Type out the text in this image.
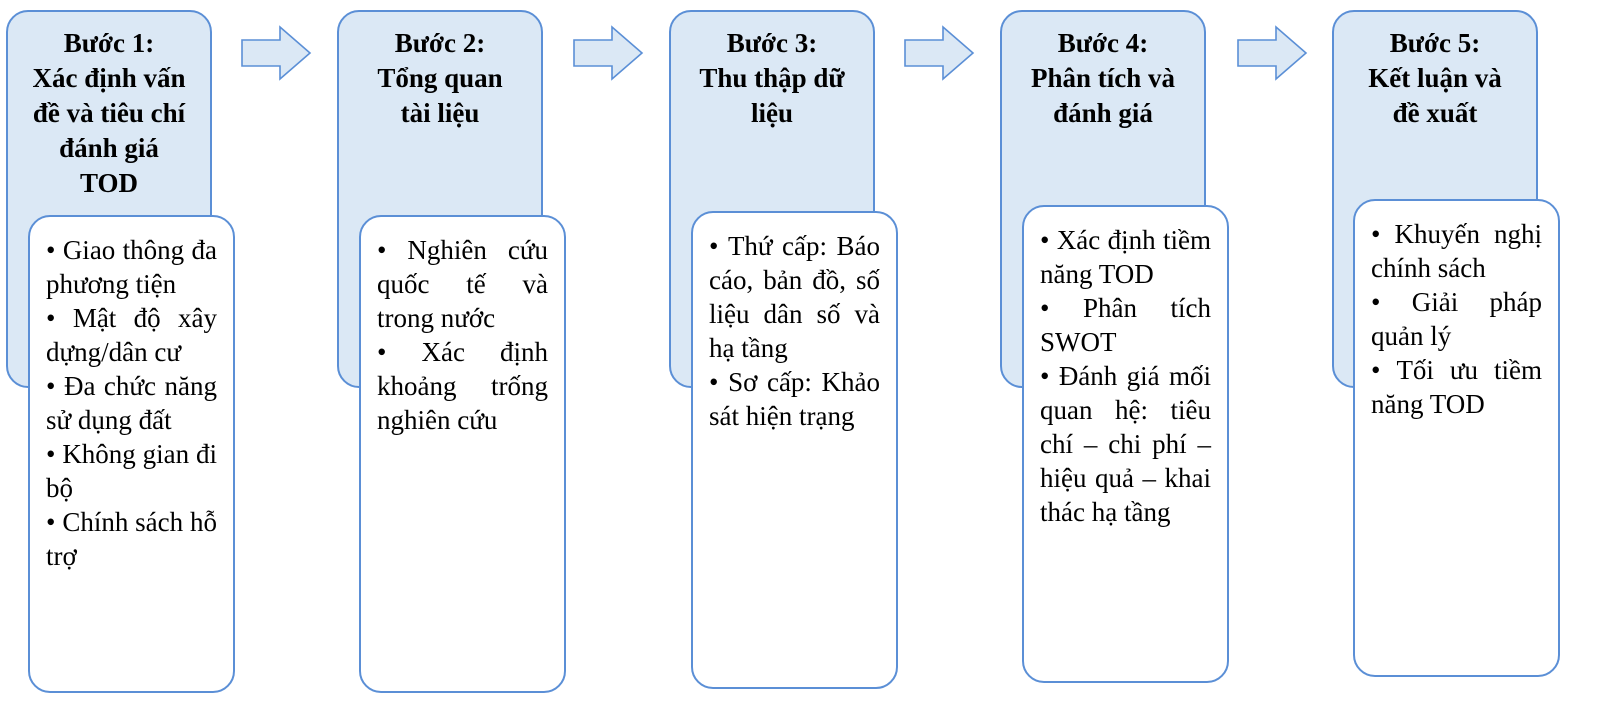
Bước 1:
Xác định vấn
đề và tiêu chí
đánh giá
TOD
• Giao thông đa phương tiện
• Mật độ xây dựng/dân cư
• Đa chức năng sử dụng đất
• Không gian đi bộ
• Chính sách hỗ trợ
Bước 2:
Tổng quan
tài liệu
• Nghiên cứu quốc tế và trong nước
• Xác định khoảng trống nghiên cứu
Bước 3:
Thu thập dữ
liệu
• Thứ cấp: Báo cáo, bản đồ, số liệu dân số và hạ tầng
• Sơ cấp: Khảo sát hiện trạng
Bước 4:
Phân tích và
đánh giá
• Xác định tiềm năng TOD
• Phân tích SWOT
• Đánh giá mối quan hệ: tiêu chí – chi phí – hiệu quả – khai thác hạ tầng
Bước 5:
Kết luận và
đề xuất
• Khuyến nghị chính sách
• Giải pháp quản lý
• Tối ưu tiềm năng TOD
